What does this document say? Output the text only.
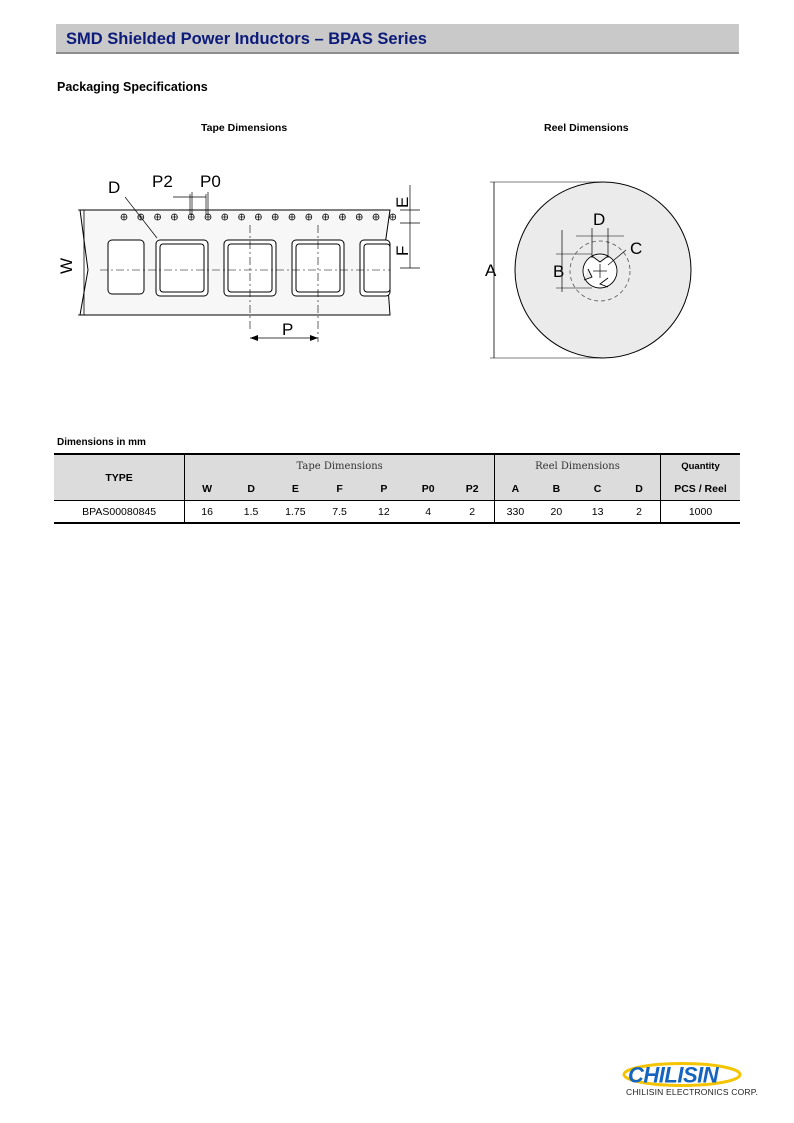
SMD Shielded Power Inductors – BPAS Series
Packaging Specifications
Tape Dimensions	Reel Dimensions
D P2 P0
P
W
E
F
A	B
D
C
Dimensions in mm
TYPE	Tape Dimensions							Reel Dimensions				Quantity
	W	D	E	F	P	P0	P2	A	B	C	D	PCS / Reel
BPAS00080845	16	1.5	1.75	7.5	12	4	2	330	20	13	2	1000
CHILISIN
CHILISIN ELECTRONICS CORP.
